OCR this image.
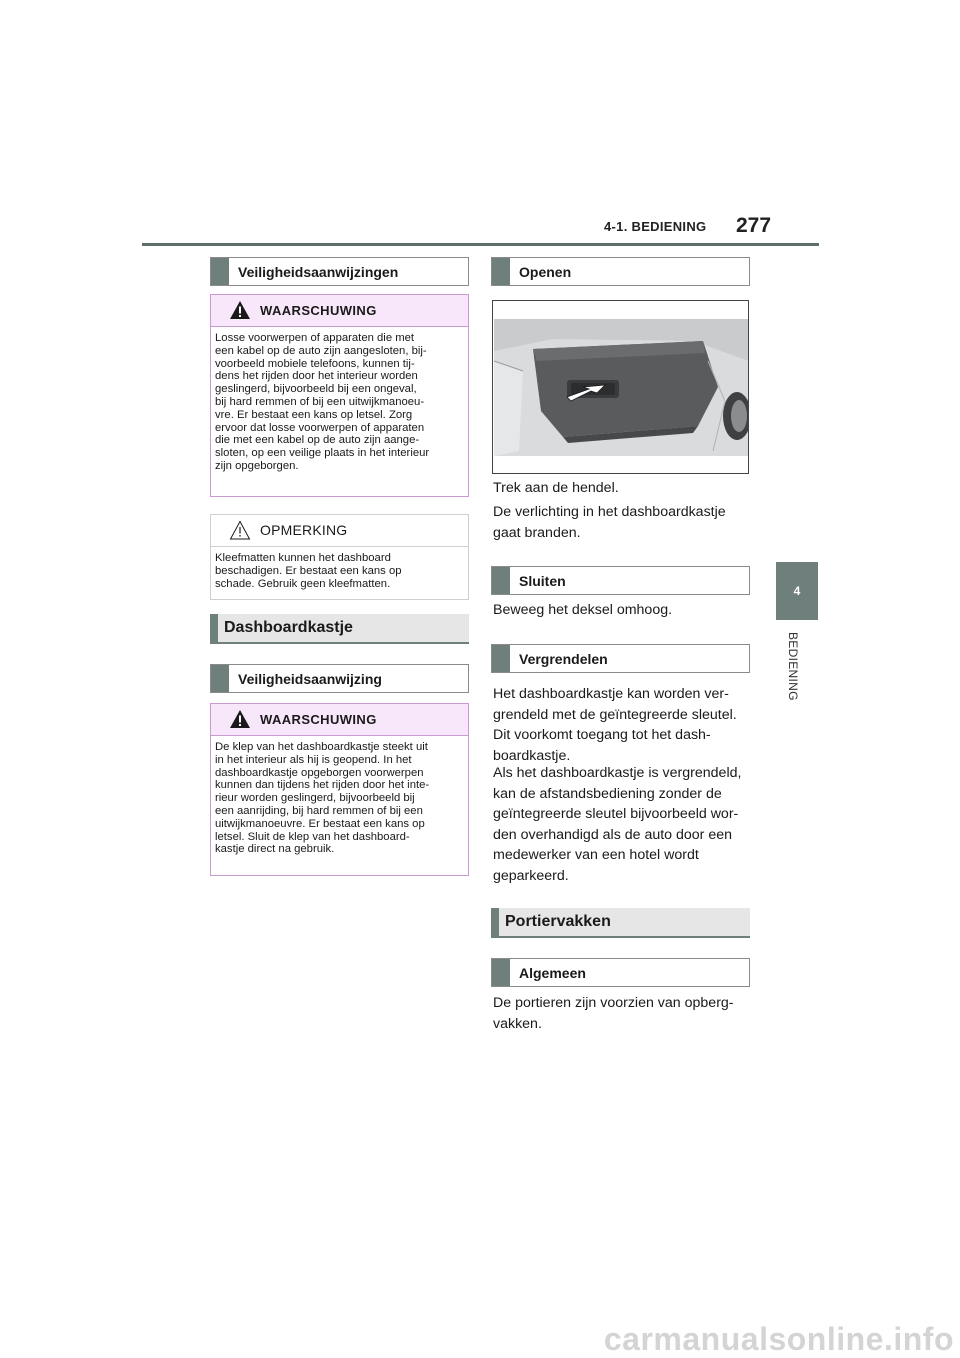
4-1. BEDIENING 277
4
BEDIENING
Veiligheidsaanwijzingen
WAARSCHUWING
Losse voorwerpen of apparaten die met
een kabel op de auto zijn aangesloten, bij-
voorbeeld mobiele telefoons, kunnen tij-
dens het rijden door het interieur worden
geslingerd, bijvoorbeeld bij een ongeval,
bij hard remmen of bij een uitwijkmanoeu-
vre. Er bestaat een kans op letsel. Zorg
ervoor dat losse voorwerpen of apparaten
die met een kabel op de auto zijn aange-
sloten, op een veilige plaats in het interieur
zijn opgeborgen.
OPMERKING
Kleefmatten kunnen het dashboard
beschadigen. Er bestaat een kans op
schade. Gebruik geen kleefmatten.
Dashboardkastje
Veiligheidsaanwijzing
WAARSCHUWING
De klep van het dashboardkastje steekt uit
in het interieur als hij is geopend. In het
dashboardkastje opgeborgen voorwerpen
kunnen dan tijdens het rijden door het inte-
rieur worden geslingerd, bijvoorbeeld bij
een aanrijding, bij hard remmen of bij een
uitwijkmanoeuvre. Er bestaat een kans op
letsel. Sluit de klep van het dashboard-
kastje direct na gebruik.
Openen
Trek aan de hendel.
De verlichting in het dashboardkastje
gaat branden.
Sluiten
Beweeg het deksel omhoog.
Vergrendelen
Het dashboardkastje kan worden ver-
grendeld met de geïntegreerde sleutel.
Dit voorkomt toegang tot het dash-
boardkastje.
Als het dashboardkastje is vergrendeld,
kan de afstandsbediening zonder de
geïntegreerde sleutel bijvoorbeeld wor-
den overhandigd als de auto door een
medewerker van een hotel wordt
geparkeerd.
Portiervakken
Algemeen
De portieren zijn voorzien van opberg-
vakken.
carmanualsonline.info
